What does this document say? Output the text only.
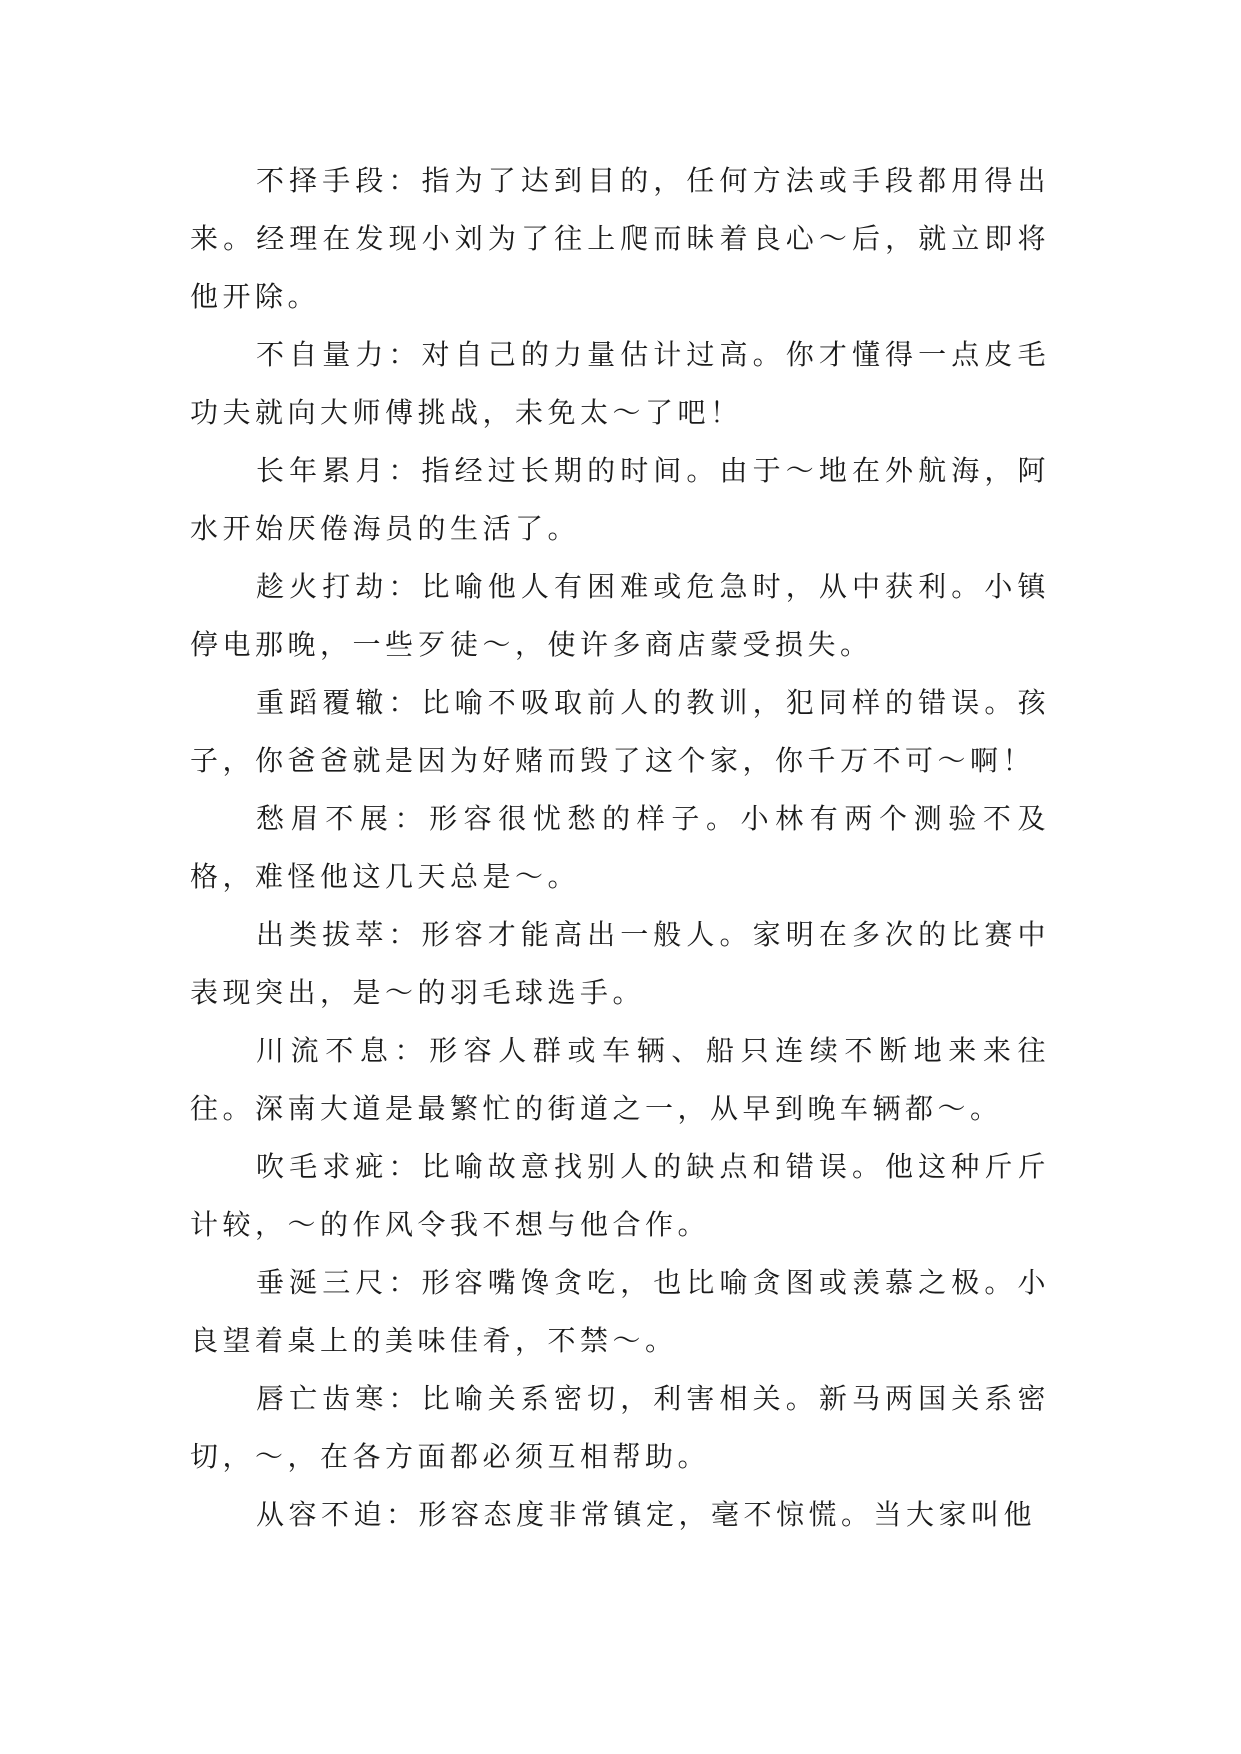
不择手段：指为了达到目的，任何方法或手段都用得出来。经理在发现小刘为了往上爬而昧着良心～后，就立即将他开除。

不自量力：对自己的力量估计过高。你才懂得一点皮毛功夫就向大师傅挑战，未免太～了吧！

长年累月：指经过长期的时间。由于～地在外航海，阿水开始厌倦海员的生活了。

趁火打劫：比喻他人有困难或危急时，从中获利。小镇停电那晚，一些歹徒～，使许多商店蒙受损失。

重蹈覆辙：比喻不吸取前人的教训，犯同样的错误。孩子，你爸爸就是因为好赌而毁了这个家，你千万不可～啊！

愁眉不展：形容很忧愁的样子。小林有两个测验不及格，难怪他这几天总是～。

出类拔萃：形容才能高出一般人。家明在多次的比赛中表现突出，是～的羽毛球选手。

川流不息：形容人群或车辆、船只连续不断地来来往往。深南大道是最繁忙的街道之一，从早到晚车辆都～。

吹毛求疵：比喻故意找别人的缺点和错误。他这种斤斤计较，～的作风令我不想与他合作。

垂涎三尺：形容嘴馋贪吃，也比喻贪图或羡慕之极。小良望着桌上的美味佳肴，不禁～。

唇亡齿寒：比喻关系密切，利害相关。新马两国关系密切，～，在各方面都必须互相帮助。

从容不迫：形容态度非常镇定，毫不惊慌。当大家叫他
